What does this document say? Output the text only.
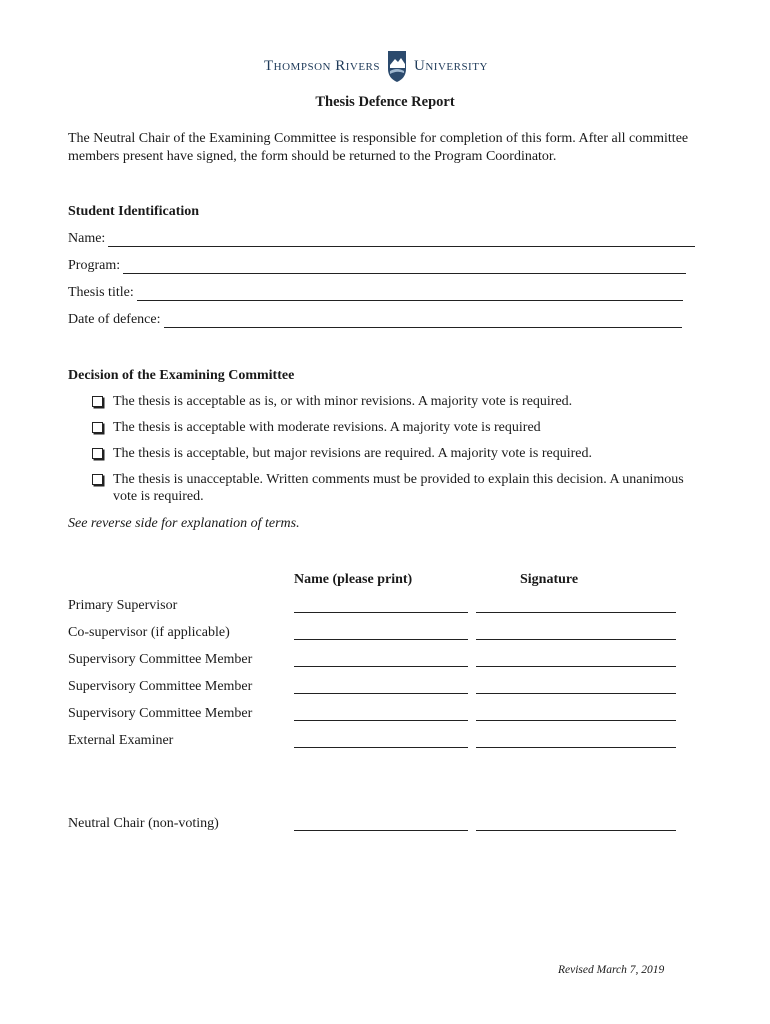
Thompson Rivers University
Thesis Defence Report

The Neutral Chair of the Examining Committee is responsible for completion of this form. After all committee members present have signed, the form should be returned to the Program Coordinator.

Student Identification
Name:
Program:
Thesis title:
Date of defence:
Decision of the Examining Committee
The thesis is acceptable as is, or with minor revisions. A majority vote is required.
The thesis is acceptable with moderate revisions. A majority vote is required
The thesis is acceptable, but major revisions are required. A majority vote is required.
The thesis is unacceptable. Written comments must be provided to explain this decision. A unanimous vote is required.
See reverse side for explanation of terms.
Name (please print)	Signature
Primary Supervisor
Co-supervisor (if applicable)
Supervisory Committee Member
Supervisory Committee Member
Supervisory Committee Member
External Examiner
Neutral Chair (non-voting)
Revised March 7, 2019
